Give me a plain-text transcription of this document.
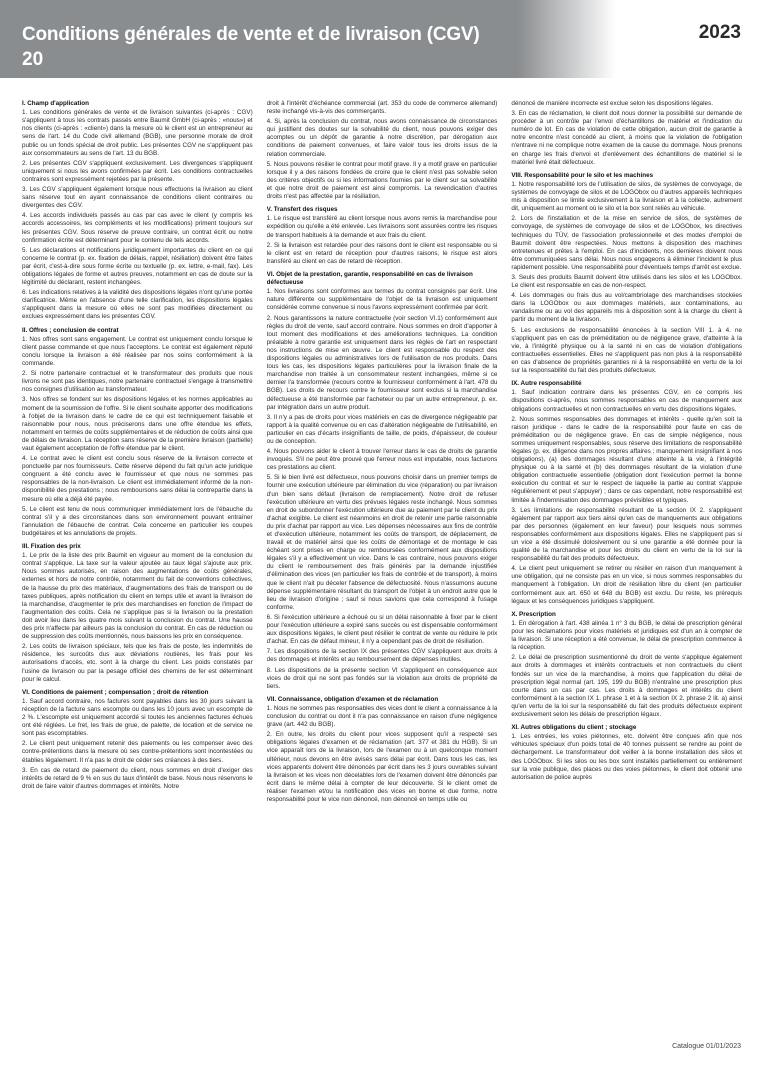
Conditions générales de vente et de livraison (CGV)
20
2023
I. Champ d'application
1. Les conditions générales de vente et de livraison suivantes (ci-après : CGV) s'appliquent à tous les contrats passés entre Baumit GmbH (ci-après : «nous») et nos clients (ci-après : «client») dans la mesure où le client est un entrepreneur au sens de l'art. 14 du Code civil allemand (BGB), une personne morale de droit public ou un fonds spécial de droit public. Les présentes CGV ne s'appliquent pas aux consommateurs au sens de l'art. 13 du BGB.
2. Les présentes CGV s'appliquent exclusivement. Les divergences s'appliquent uniquement si nous les avons confirmées par écrit. Les conditions contractuelles contraires sont expressément rejetées par la présente.
3. Les CGV s'appliquent également lorsque nous effectuons la livraison au client sans réserve tout en ayant connaissance de conditions client contraires ou divergentes des CGV.
4. Les accords individuels passés au cas par cas avec le client (y compris les accords accessoires, les compléments et les modifications) priment toujours sur les présentes CGV. Sous réserve de preuve contraire, un contrat écrit ou notre confirmation écrite est déterminant pour le contenu de tels accords.
5. Les déclarations et notifications juridiquement importantes du client en ce qui concerne le contrat (p. ex. fixation de délais, rappel, résiliation) doivent être faites par écrit, c'est-à-dire sous forme écrite ou textuelle (p. ex. lettre, e-mail, fax). Les obligations légales de forme et autres preuves, notamment en cas de doute sur la légitimité du déclarant, restent inchangées.
6. Les indications relatives à la validité des dispositions légales n'ont qu'une portée clarificatrice. Même en l'absence d'une telle clarification, les dispositions légales s'appliquent dans la mesure où elles ne sont pas modifiées directement ou exclues expressément dans les présentes CGV.
II. Offres ; conclusion de contrat
1. Nos offres sont sans engagement. Le contrat est uniquement conclu lorsque le client passe commande et que nous l'acceptons. Le contrat est également réputé conclu lorsque la livraison a été réalisée par nos soins conformément à la commande.
2. Si notre partenaire contractuel et le transformateur des produits que nous livrons ne sont pas identiques, notre partenaire contractuel s'engage à transmettre nos consignes d'utilisation au transformateur.
3. Nos offres se fondent sur les dispositions légales et les normes applicables au moment de la soumission de l'offre. Si le client souhaite apporter des modifications à l'objet de la livraison dans le cadre de ce qui est techniquement faisable et raisonnable pour nous, nous préciserons dans une offre étendue les effets, notamment en termes de coûts supplémentaires et de réduction de coûts ainsi que de délais de livraison. La réception sans réserve de la première livraison (partielle) vaut également acceptation de l'offre étendue par le client.
4. Le contrat avec le client est conclu sous réserve de la livraison correcte et ponctuelle par nos fournisseurs. Cette réserve dépend du fait qu'un acte juridique congruent a été conclu avec le fournisseur et que nous ne sommes pas responsables de la non-livraison. Le client est immédiatement informé de la non-disponibilité des prestations ; nous remboursons sans délai la contrepartie dans la mesure où elle a déjà été payée.
5. Le client est tenu de nous communiquer immédiatement lors de l'ébauche du contrat s'il y a des circonstances dans son environnement pouvant entraîner l'annulation de l'ébauche de contrat. Cela concerne en particulier les coupes budgétaires et les annulations de projets.
III. Fixation des prix
1. Le prix de la liste des prix Baumit en vigueur au moment de la conclusion du contrat s'applique. La taxe sur la valeur ajoutée au taux légal s'ajoute aux prix. Nous sommes autorisés, en raison des augmentations de coûts générales, externes et hors de notre contrôle, notamment du fait de conventions collectives, de la hausse du prix des matériaux, d'augmentations des frais de transport ou de taxes publiques, après notification du client en temps utile et avant la livraison de la marchandise, d'augmenter le prix des marchandises en fonction de l'impact de l'augmentation des coûts. Cela ne s'applique pas si la livraison ou la prestation doit avoir lieu dans les quatre mois suivant la conclusion du contrat. Une hausse des prix n'affecte par ailleurs pas la conclusion du contrat. En cas de réduction ou de suppression des coûts mentionnés, nous baissons les prix en conséquence.
2. Les coûts de livraison spéciaux, tels que les frais de poste, les indemnités de résidence, les surcoûts dus aux déviations routières, les frais pour les autorisations d'accès, etc. sont à la charge du client. Les poids constatés par l'usine de livraison ou par la pesage officiel des chemins de fer est déterminant pour le calcul.
VI. Conditions de paiement ; compensation ; droit de rétention
1. Sauf accord contraire, nos factures sont payables dans les 30 jours suivant la réception de la facture sans escompte ou dans les 10 jours avec un escompte de 2 %. L'escompte est uniquement accordé si toutes les anciennes factures échues ont été réglées. Le fret, les frais de grue, de palette, de location et de service ne sont pas escomptables.
2. Le client peut uniquement retenir des paiements ou les compenser avec des contre-prétentions dans la mesure où ses contre-prétentions sont incontestées ou établies légalement. Il n'a pas le droit de céder ses créances à des tiers.
3. En cas de retard de paiement du client, nous sommes en droit d'exiger des intérêts de retard de 9 % en sus du taux d'intérêt de base. Nous nous réservons le droit de faire valoir d'autres dommages et intérêts. Notre
droit à l'intérêt d'échéance commercial (art. 353 du code de commerce allemand) reste inchangé vis-à-vis des commerçants.
4. Si, après la conclusion du contrat, nous avons connaissance de circonstances qui justifient des doutes sur la solvabilité du client, nous pouvons exiger des acomptes ou un dépôt de garantie à notre discrétion, par dérogation aux conditions de paiement convenues, et faire valoir tous les droits issus de la relation commerciale.
5. Nous pouvons résilier le contrat pour motif grave. Il y a motif grave en particulier lorsque il y a des raisons fondées de croire que le client n'est pas solvable selon des critères objectifs ou si les informations fournies par le client sur sa solvabilité et que notre droit de paiement est ainsi compromis. La revendication d'autres droits n'est pas affectée par la résiliation.
V. Transfert des risques
1. Le risque est transféré au client lorsque nous avons remis la marchandise pour expédition ou qu'elle a été enlevée. Les livraisons sont assurées contre les risques de transport habituels à la demande et aux frais du client.
2. Si la livraison est retardée pour des raisons dont le client est responsable ou si le client est en retard de réception pour d'autres raisons, le risque est alors transféré au client en cas de retard de réception.
VI. Objet de la prestation, garantie, responsabilité en cas de livraison défectueuse
1. Nos livraisons sont conformes aux termes du contrat consignés par écrit. Une nature différente ou supplémentaire de l'objet de la livraison est uniquement considérée comme convenue si nous l'avons expressément confirmée par écrit.
2. Nous garantissons la nature contractuelle (voir section VI.1) conformément aux règles du droit de vente, sauf accord contraire. Nous sommes en droit d'apporter à tout moment des modifications et des améliorations techniques. La condition préalable à notre garantie est uniquement dans les règles de l'art en respectant nos instructions de mise en œuvre. Le client est responsable du respect des dispositions légales ou administratives lors de l'utilisation de nos produits. Dans tous les cas, les dispositions légales particulières pour la livraison finale de la marchandise non traitée à un consommateur restent inchangées, même si ce dernier l'a transformée (recours contre le fournisseur conformément à l'art. 478 du BGB). Les droits de recours contre le fournisseur sont exclus si la marchandise défectueuse a été transformée par l'acheteur ou par un autre entrepreneur, p. ex. par intégration dans un autre produit.
3. Il n'y a pas de droits pour vices matériels en cas de divergence négligeable par rapport à la qualité convenue ou en cas d'altération négligeable de l'utilisabilité, en particulier en cas d'écarts insignifiants de taille, de poids, d'épaisseur, de couleur ou de conception.
4. Nous pouvons aider le client à trouver l'erreur dans le cas de droits de garantie invoqués. S'il ne peut être prouvé que l'erreur nous est imputable, nous facturons ces prestations au client.
5. Si le bien livré est défectueux, nous pouvons choisir dans un premier temps de fournir une exécution ultérieure par élimination du vice (réparation) ou par livraison d'un bien sans défaut (livraison de remplacement). Notre droit de refuser l'exécution ultérieure en vertu des prévues légales reste inchangé. Nous sommes en droit de subordonner l'exécution ultérieure due au paiement par le client du prix d'achat exigible. Le client est néanmoins en droit de retenir une partie raisonnable du prix d'achat par rapport au vice. Les dépenses nécessaires aux fins de contrôle et d'exécution ultérieure, notamment les coûts de transport, de déplacement, de travail et de matériel ainsi que les coûts de démontage et de montage le cas échéant sont prises en charge ou remboursées conformément aux dispositions légales s'il y a effectivement un vice. Dans le cas contraire, nous pouvons exiger du client le remboursement des frais générés par la demande injustifiée d'élimination des vices (en particulier les frais de contrôle et de transport), à moins que le client n'ait pu déceler l'absence de défectuosité. Nous n'assumons aucune dépense supplémentaire résultant du transport de l'objet à un endroit autre que le lieu de livraison d'origine ; sauf si nous savions que cela correspond à l'usage conforme.
6. Si l'exécution ultérieure a échoué ou si un délai raisonnable à fixer par le client pour l'exécution ultérieure a expiré sans succès ou est dispensable conformément aux dispositions légales, le client peut résilier le contrat de vente ou réduire le prix d'achat. En cas de défaut mineur, il n'y a cependant pas de droit de résiliation.
7. Les dispositions de la section IX des présentes CGV s'appliquent aux droits à des dommages et intérêts et au remboursement de dépenses inutiles.
8. Les dispositions de la présente section VI s'appliquent en conséquence aux vices de droit qui ne sont pas fondés sur la violation aux droits de propriété de tiers.
VII. Connaissance, obligation d'examen et de réclamation
1. Nous ne sommes pas responsables des vices dont le client a connaissance à la conclusion du contrat ou dont il n'a pas connaissance en raison d'une négligence grave (art. 442 du BGB).
2. En outre, les droits du client pour vices supposent qu'il a respecté ses obligations légales d'examen et de réclamation (art. 377 et 381 du HGB). Si un vice apparaît lors de la livraison, lors de l'examen ou à un quelconque moment ultérieur, nous devons en être avisés sans délai par écrit. Dans tous les cas, les vices apparents doivent être dénoncés par écrit dans les 3 jours ouvrables suivant la livraison et les vices non décelables lors de l'examen doivent être dénoncés par écrit dans le même délai à compter de leur découverte. Si le client omet de réaliser l'examen et/ou la notification des vices en bonne et due forme, notre responsabilité pour le vice non dénoncé, non dénoncé en temps utile ou
dénoncé de manière incorrecte est exclue selon les dispositions légales.
3. En cas de réclamation, le client doit nous donner la possibilité sur demande de procéder à un contrôle par l'envoi d'échantillons de matériel et l'indication du numéro de lot. En cas de violation de cette obligation, aucun droit de garantie à notre encontre n'est concédé au client, à moins que la violation de l'obligation n'entrave ni ne complique notre examen de la cause du dommage. Nous prenons en charge les frais d'envoi et d'enlèvement des échantillons de matériel si le matériel livré était défectueux.
VIII. Responsabilité pour le silo et les machines
1. Notre responsabilité lors de l'utilisation de silos, de systèmes de convoyage, de systèmes de convoyage de silos et de LOGObox ou d'autres appareils techniques mis à disposition se limite exclusivement à la livraison et à la collecte, autrement dit, uniquement au moment où le silo et la box sont reliés au véhicule.
2. Lors de l'installation et de la mise en service de silos, de systèmes de convoyage, de systèmes de convoyage de silos et de LOGObox, les directives techniques du TÜV, de l'association professionnelle et des modes d'emploi de Baumit doivent être respectées. Nous mettons à disposition des machines entretenues et prêtes à l'emploi. En cas d'incidents, nos dernières doivent nous être communiquées sans délai. Nous nous engageons à éliminer l'incident le plus rapidement possible. Une responsabilité pour d'éventuels temps d'arrêt est exclue.
3. Seuls des produits Baumit doivent être utilisés dans les silos et les LOGObox. Le client est responsable en cas de non-respect.
4. Les dommages ou frais dus au vol/cambriolage des marchandises stockées dans la LOGObox ou aux dommages matériels, aux contaminations, au vandalisme ou au vol des appareils mis à disposition sont à la charge du client à partir du moment de la livraison.
5. Les exclusions de responsabilité énoncées à la section VIII 1. à 4. ne s'appliquent pas en cas de préméditation ou de négligence grave, d'atteinte à la vie, à l'intégrité physique ou à la santé ni en cas de violation d'obligations contractuelles essentielles. Elles ne s'appliquent pas non plus à la responsabilité en cas d'absence de propriétés garanties ni à la responsabilité en vertu de la loi sur la responsabilité du fait des produits défectueux.
IX. Autre responsabilité
1. Sauf indication contraire dans les présentes CGV, en ce compris les dispositions ci-après, nous sommes responsables en cas de manquement aux obligations contractuelles et non contractuelles en vertu des dispositions légales.
2. Nous sommes responsables des dommages et intérêts - quelle qu'en soit la raison juridique - dans le cadre de la responsabilité pour faute en cas de préméditation ou de négligence grave. En cas de simple négligence, nous sommes uniquement responsables, sous réserve des limitations de responsabilité légales (p. ex. diligence dans nos propres affaires ; manquement insignifiant à nos obligations), (a) des dommages résultant d'une atteinte à la vie, à l'intégrité physique ou à la santé et (b) des dommages résultant de la violation d'une obligation contractuelle essentielle (obligation dont l'exécution permet la bonne exécution du contrat et sur le respect de laquelle la partie au contrat s'appuie régulièrement et peut s'appuyer) ; dans ce cas cependant, notre responsabilité est limitée à l'indemnisation des dommages prévisibles et typiques.
3. Les limitations de responsabilité résultant de la section IX 2. s'appliquent également par rapport aux tiers ainsi qu'en cas de manquements aux obligations par des personnes (également en leur faveur) pour lesquels nous sommes responsables conformément aux dispositions légales. Elles ne s'appliquent pas si un vice a été dissimulé dolosivement ou si une garantie a été donnée pour la qualité de la marchandise et pour les droits du client en vertu de la loi sur la responsabilité du fait des produits défectueux.
4. Le client peut uniquement se retirer ou résilier en raison d'un manquement à une obligation, qui ne consiste pas en un vice, si nous sommes responsables du manquement à l'obligation. Un droit de résiliation libre du client (en particulier conformément aux art. 650 et 648 du BGB) est exclu. Du reste, les prérequis légaux et les conséquences juridiques s'appliquent.
X. Prescription
1. En dérogation à l'art. 438 alinéa 1 n° 3 du BGB, le délai de prescription général pour les réclamations pour vices matériels et juridiques est d'un an à compter de la livraison. Si une réception a été convenue, le délai de prescription commence à la réception.
2. Le délai de prescription susmentionné du droit de vente s'applique également aux droits à dommages et intérêts contractuels et non contractuels du client fondés sur un vice de la marchandise, à moins que l'application du délai de prescription légal normal (art. 195, 199 du BGB) n'entraîne une prescription plus courte dans un cas par cas. Les droits à dommages et intérêts du client conformément à la section IX 1. phrase 1 et à la section IX 2. phrase 2 lit. a) ainsi qu'en vertu de la loi sur la responsabilité du fait des produits défectueux expirent exclusivement selon les délais de prescription légaux.
XI. Autres obligations du client ; stockage
1. Les entrées, les voies piétonnes, etc. doivent être conçues afin que nos véhicules spéciaux d'un poids total de 40 tonnes puissent se rendre au point de déchargement. Le transformateur doit veiller à la bonne installation des silos et des LOGObox. Si les silos ou les box sont installés partiellement ou entièrement sur la voie publique, des places ou des voies piétonnes, le client doit obtenir une autorisation de police auprès
Catalogue 01/01/2023
